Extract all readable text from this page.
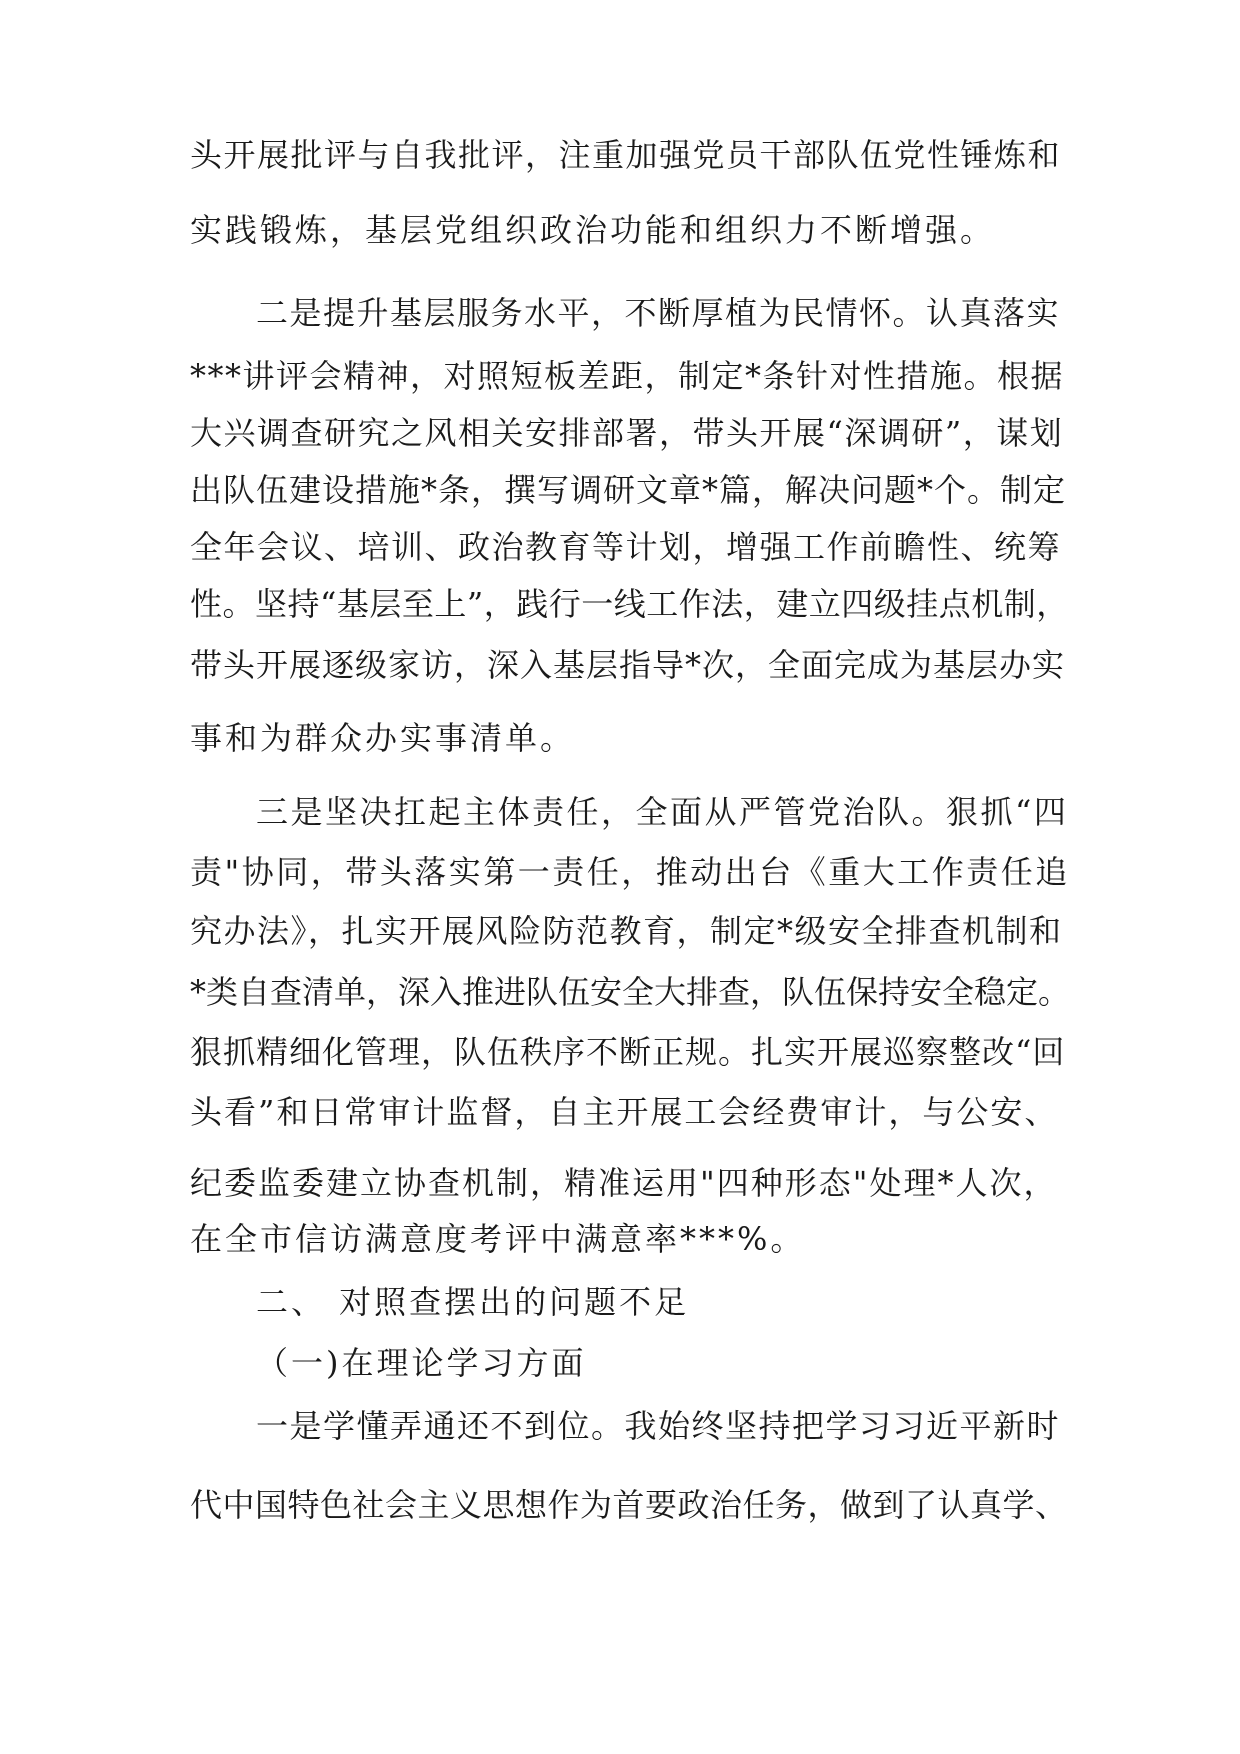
头开展批评与自我批评，注重加强党员干部队伍党性锤炼和
实践锻炼，基层党组织政治功能和组织力不断增强。
二是提升基层服务水平，不断厚植为民情怀。认真落实
***讲评会精神，对照短板差距，制定*条针对性措施。根据
大兴调查研究之风相关安排部署，带头开展“深调研”，谋划
出队伍建设措施*条，撰写调研文章*篇，解决问题*个。制定
全年会议、培训、政治教育等计划，增强工作前瞻性、统筹
性。坚持“基层至上”，践行一线工作法，建立四级挂点机制，
带头开展逐级家访，深入基层指导*次，全面完成为基层办实
事和为群众办实事清单。
三是坚决扛起主体责任，全面从严管党治队。狠抓“四
责"协同，带头落实第一责任，推动出台《重大工作责任追
究办法》，扎实开展风险防范教育，制定*级安全排查机制和
*类自查清单，深入推进队伍安全大排查，队伍保持安全稳定。
狠抓精细化管理，队伍秩序不断正规。扎实开展巡察整改“回
头看”和日常审计监督，自主开展工会经费审计，与公安、
纪委监委建立协查机制，精准运用"四种形态"处理*人次，
在全市信访满意度考评中满意率***%。
二、 对照查摆出的问题不足
（一)在理论学习方面
一是学懂弄通还不到位。我始终坚持把学习习近平新时
代中国特色社会主义思想作为首要政治任务，做到了认真学、
